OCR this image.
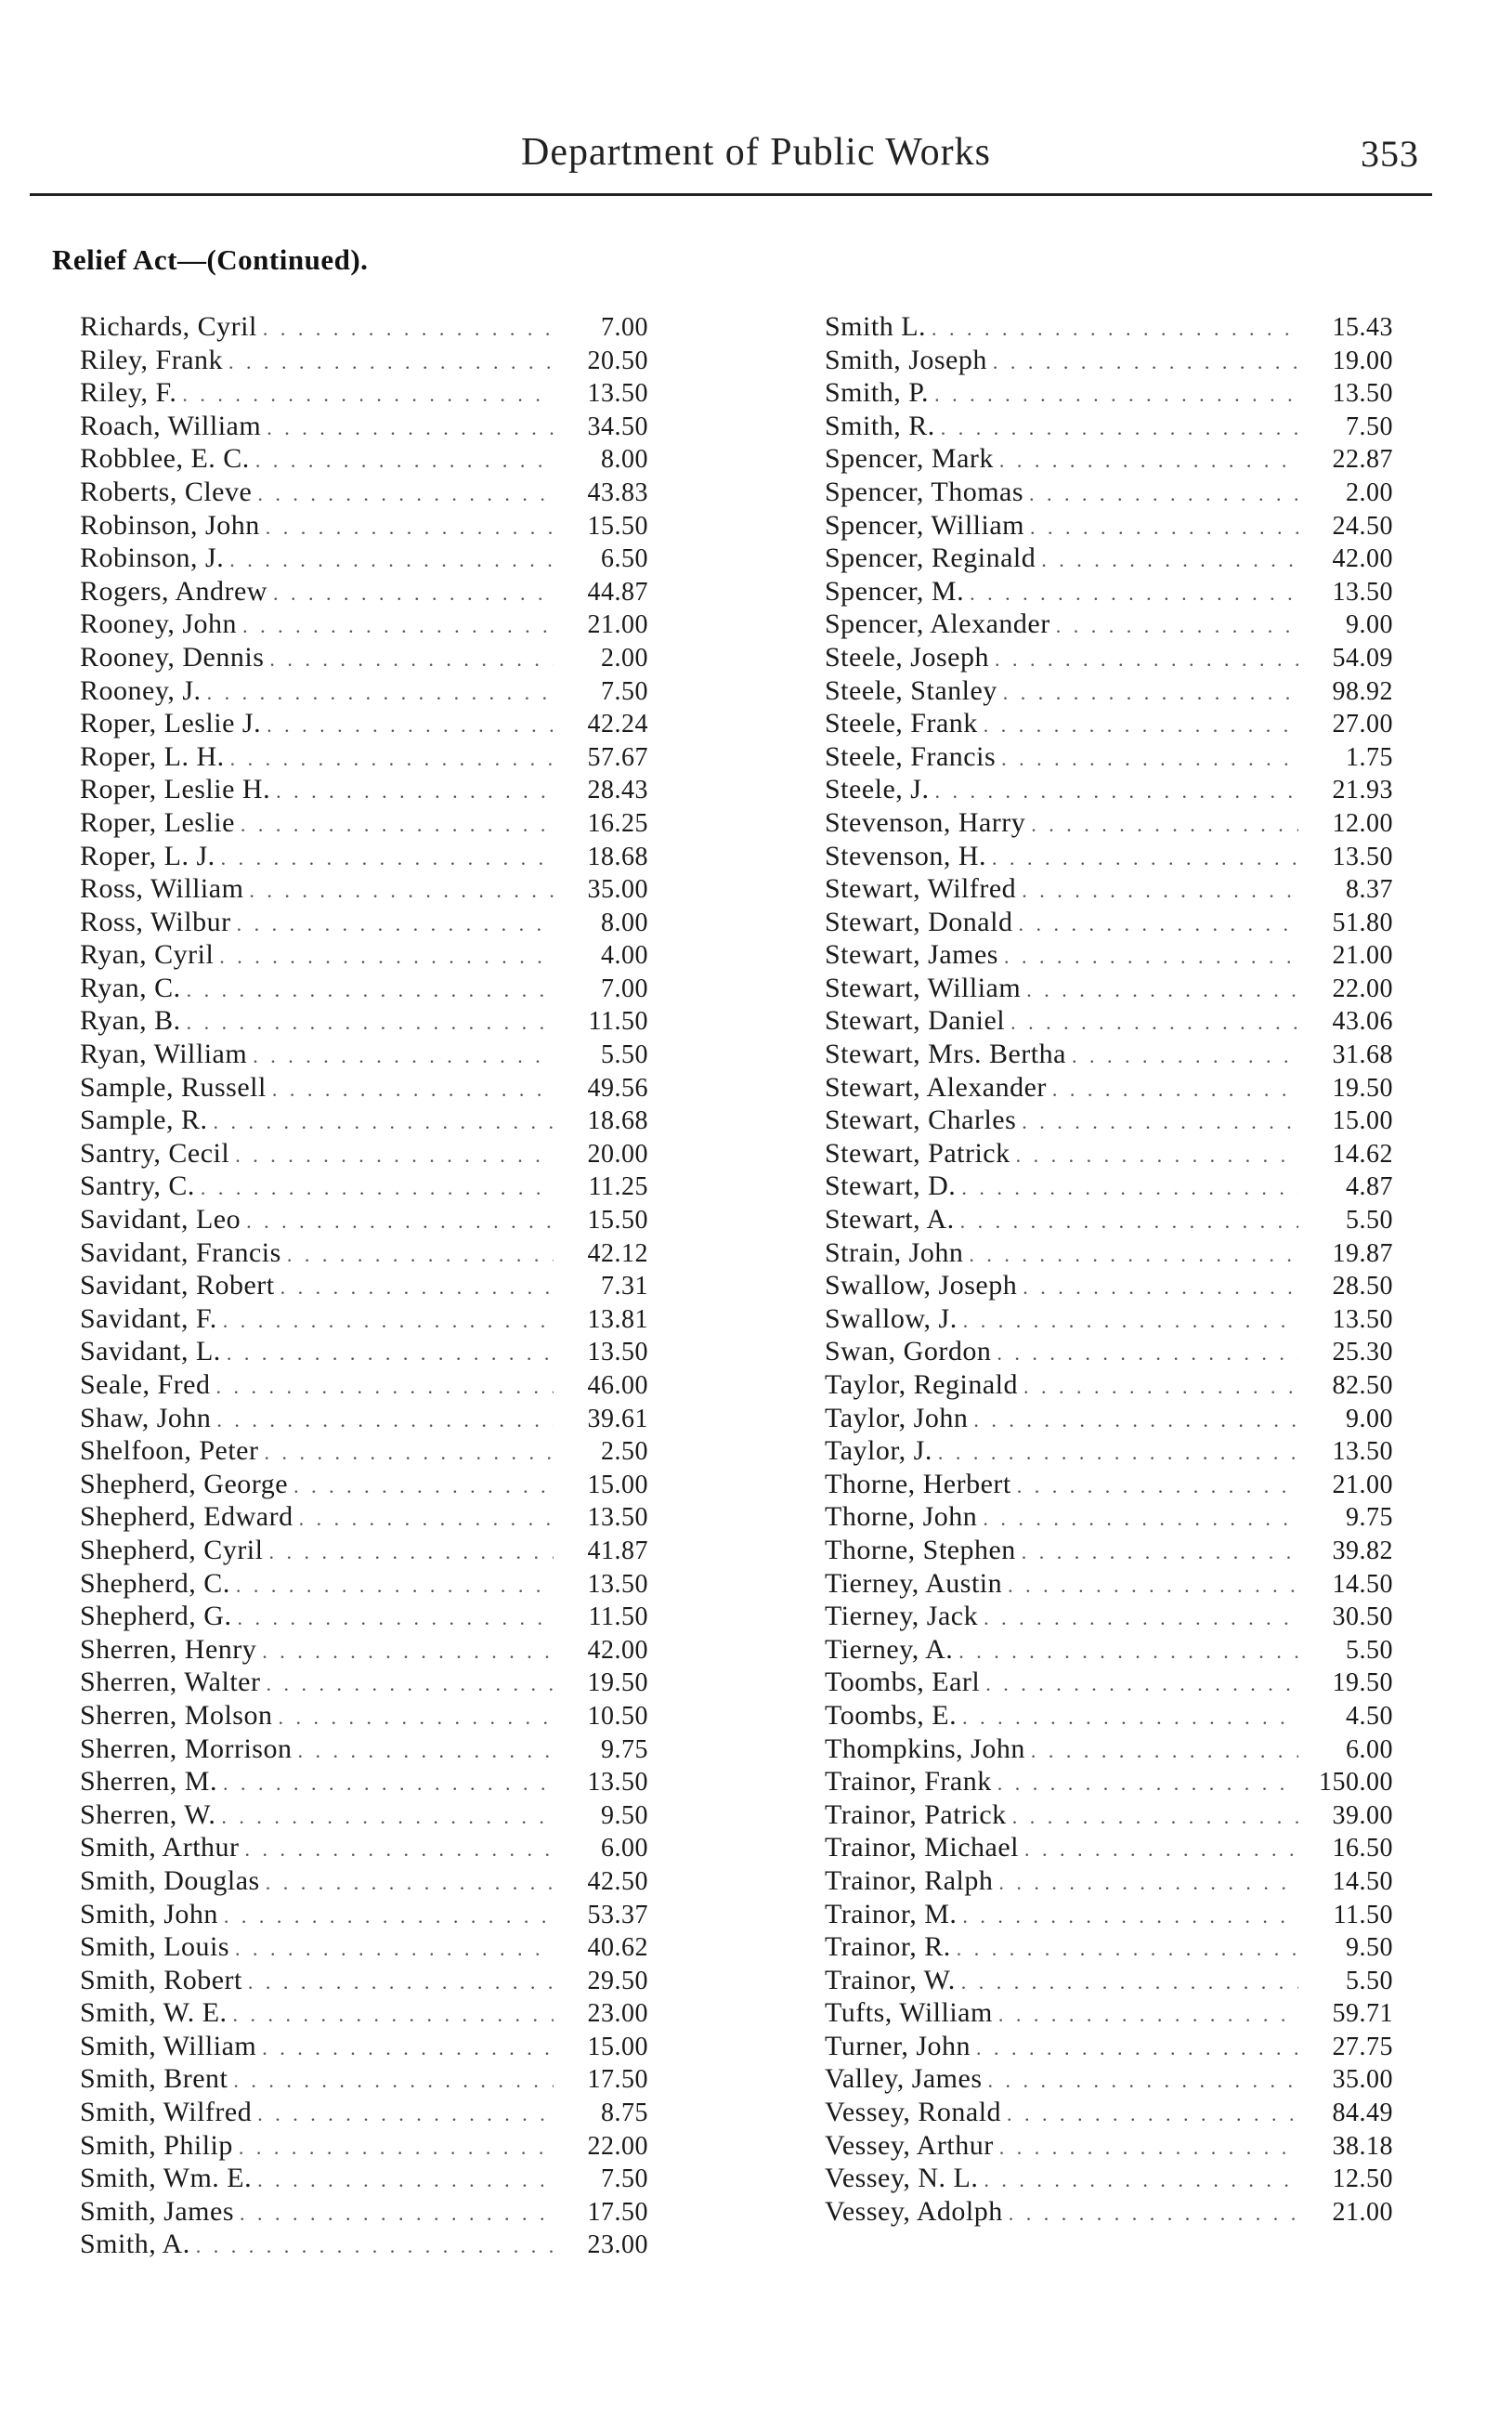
Department of Public Works	353
Relief Act—(Continued).
Richards, Cyril . . .	7.00
Riley, Frank . . .	20.50
Riley, F. . . .	13.50
Roach, William . . .	34.50
Robblee, E. C. . . .	8.00
Roberts, Cleve . . .	43.83
Robinson, John . . .	15.50
Robinson, J. . . .	6.50
Rogers, Andrew . . .	44.87
Rooney, John . . .	21.00
Rooney, Dennis . . .	2.00
Rooney, J. . . .	7.50
Roper, Leslie J. . . .	42.24
Roper, L. H. . . .	57.67
Roper, Leslie H. . . .	28.43
Roper, Leslie . . .	16.25
Roper, L. J. . . .	18.68
Ross, William . . .	35.00
Ross, Wilbur . . .	8.00
Ryan, Cyril . . .	4.00
Ryan, C. . . .	7.00
Ryan, B. . . .	11.50
Ryan, William . . .	5.50
Sample, Russell . . .	49.56
Sample, R. . . .	18.68
Santry, Cecil . . .	20.00
Santry, C. . . .	11.25
Savidant, Leo . . .	15.50
Savidant, Francis . . .	42.12
Savidant, Robert . . .	7.31
Savidant, F. . . .	13.81
Savidant, L. . . .	13.50
Seale, Fred . . .	46.00
Shaw, John . . .	39.61
Shelfoon, Peter . . .	2.50
Shepherd, George . . .	15.00
Shepherd, Edward . . .	13.50
Shepherd, Cyril . . .	41.87
Shepherd, C. . . .	13.50
Shepherd, G. . . .	11.50
Sherren, Henry . . .	42.00
Sherren, Walter . . .	19.50
Sherren, Molson . . .	10.50
Sherren, Morrison . . .	9.75
Sherren, M. . . .	13.50
Sherren, W. . . .	9.50
Smith, Arthur . . .	6.00
Smith, Douglas . . .	42.50
Smith, John . . .	53.37
Smith, Louis . . .	40.62
Smith, Robert . . .	29.50
Smith, W. E. . . .	23.00
Smith, William . . .	15.00
Smith, Brent . . .	17.50
Smith, Wilfred . . .	8.75
Smith, Philip . . .	22.00
Smith, Wm. E. . . .	7.50
Smith, James . . .	17.50
Smith, A. . . .	23.00
Smith L. . . .	15.43
Smith, Joseph . . .	19.00
Smith, P. . . .	13.50
Smith, R. . . .	7.50
Spencer, Mark . . .	22.87
Spencer, Thomas . . .	2.00
Spencer, William . . .	24.50
Spencer, Reginald . . .	42.00
Spencer, M. . . .	13.50
Spencer, Alexander . . .	9.00
Steele, Joseph . . .	54.09
Steele, Stanley . . .	98.92
Steele, Frank . . .	27.00
Steele, Francis . . .	1.75
Steele, J. . . .	21.93
Stevenson, Harry . . .	12.00
Stevenson, H. . . .	13.50
Stewart, Wilfred . . .	8.37
Stewart, Donald . . .	51.80
Stewart, James . . .	21.00
Stewart, William . . .	22.00
Stewart, Daniel . . .	43.06
Stewart, Mrs. Bertha . . .	31.68
Stewart, Alexander . . .	19.50
Stewart, Charles . . .	15.00
Stewart, Patrick . . .	14.62
Stewart, D. . . .	4.87
Stewart, A. . . .	5.50
Strain, John . . .	19.87
Swallow, Joseph . . .	28.50
Swallow, J. . . .	13.50
Swan, Gordon . . .	25.30
Taylor, Reginald . . .	82.50
Taylor, John . . .	9.00
Taylor, J. . . .	13.50
Thorne, Herbert . . .	21.00
Thorne, John . . .	9.75
Thorne, Stephen . . .	39.82
Tierney, Austin . . .	14.50
Tierney, Jack . . .	30.50
Tierney, A. . . .	5.50
Toombs, Earl . . .	19.50
Toombs, E. . . .	4.50
Thompkins, John . . .	6.00
Trainor, Frank . . .	150.00
Trainor, Patrick . . .	39.00
Trainor, Michael . . .	16.50
Trainor, Ralph . . .	14.50
Trainor, M. . . .	11.50
Trainor, R. . . .	9.50
Trainor, W. . . .	5.50
Tufts, William . . .	59.71
Turner, John . . .	27.75
Valley, James . . .	35.00
Vessey, Ronald . . .	84.49
Vessey, Arthur . . .	38.18
Vessey, N. L. . . .	12.50
Vessey, Adolph . . .	21.00
